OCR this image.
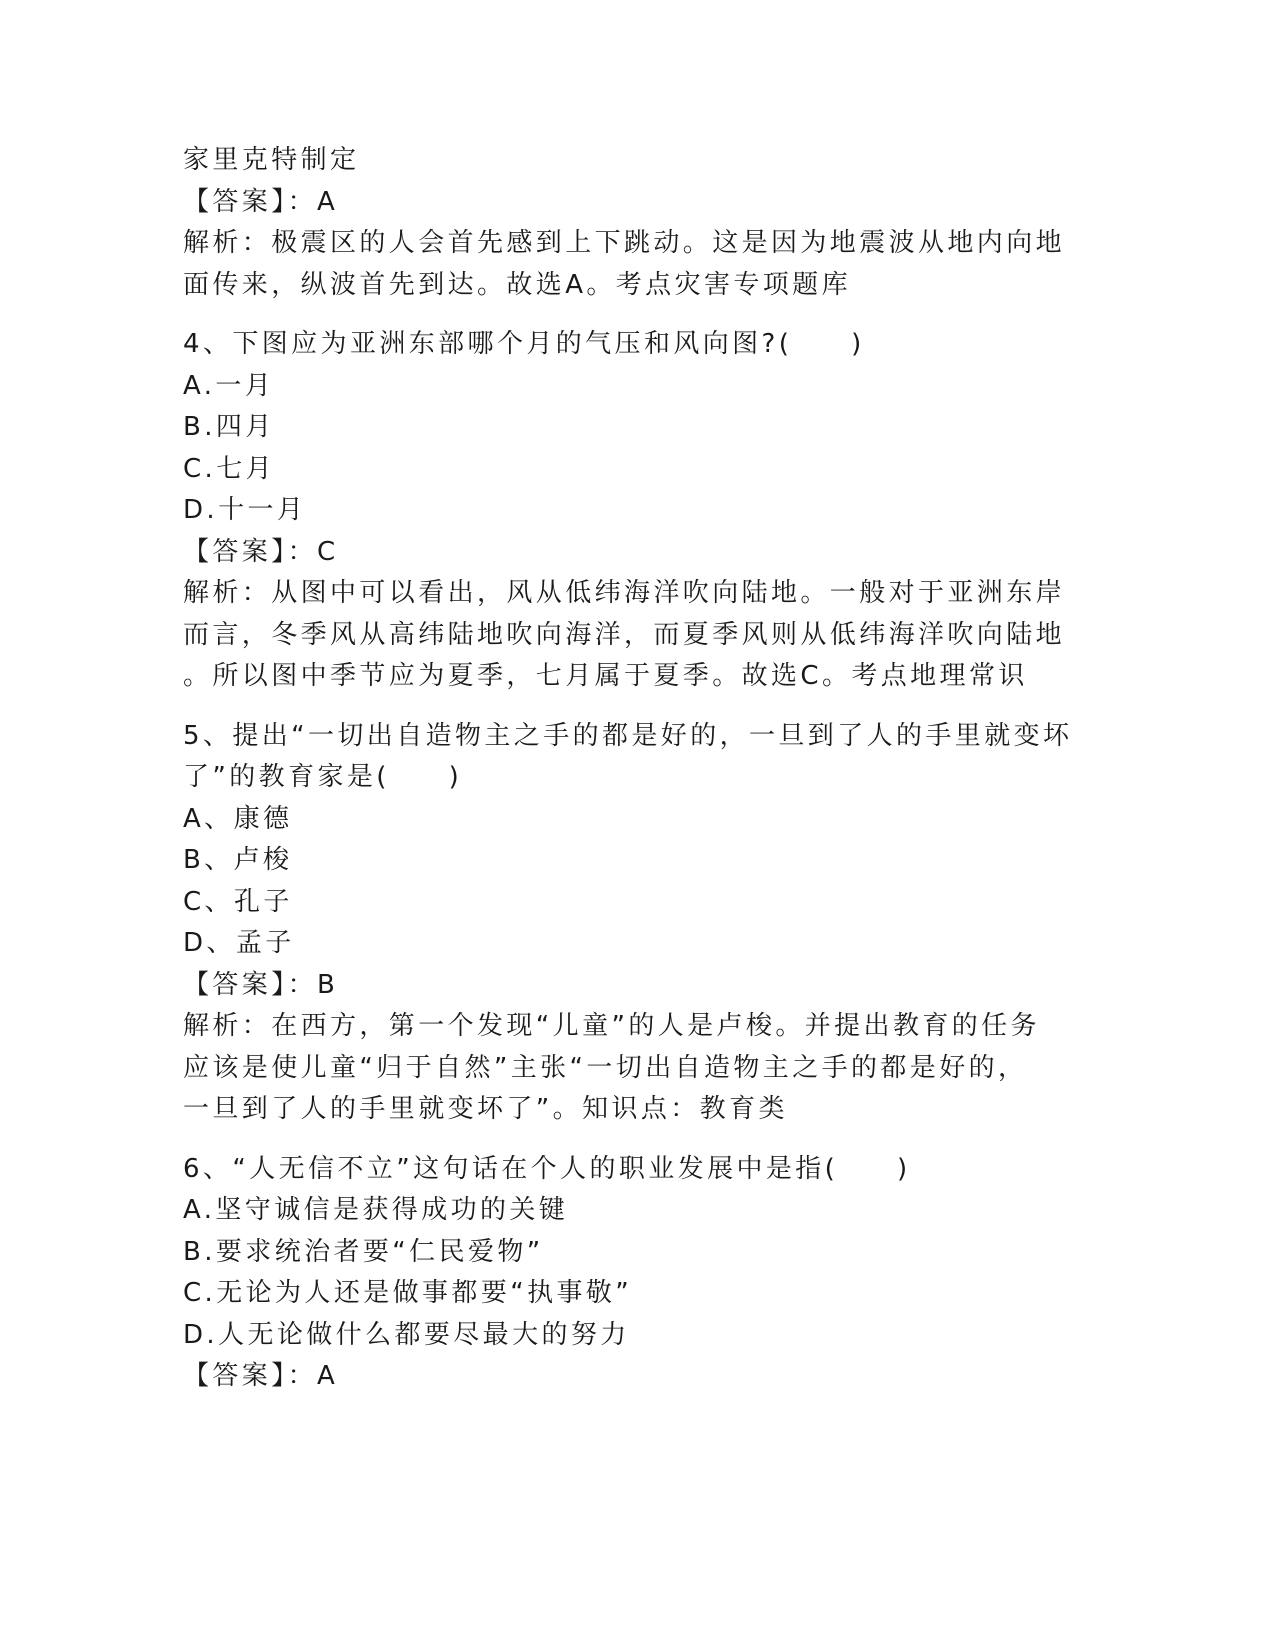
家里克特制定
【答案】：A
解析：极震区的人会首先感到上下跳动。这是因为地震波从地内向地
面传来，纵波首先到达。故选A。考点灾害专项题库
4、下图应为亚洲东部哪个月的气压和风向图?(　　)
A.一月
B.四月
C.七月
D.十一月
【答案】：C
解析：从图中可以看出，风从低纬海洋吹向陆地。一般对于亚洲东岸
而言，冬季风从高纬陆地吹向海洋，而夏季风则从低纬海洋吹向陆地
。所以图中季节应为夏季，七月属于夏季。故选C。考点地理常识
5、提出“一切出自造物主之手的都是好的，一旦到了人的手里就变坏
了”的教育家是(　　)
A、康德
B、卢梭
C、孔子
D、孟子
【答案】：B
解析：在西方，第一个发现“儿童”的人是卢梭。并提出教育的任务
应该是使儿童“归于自然”主张“一切出自造物主之手的都是好的，
一旦到了人的手里就变坏了”。知识点：教育类
6、“人无信不立”这句话在个人的职业发展中是指(　　)
A.坚守诚信是获得成功的关键
B.要求统治者要“仁民爱物”
C.无论为人还是做事都要“执事敬”
D.人无论做什么都要尽最大的努力
【答案】：A
